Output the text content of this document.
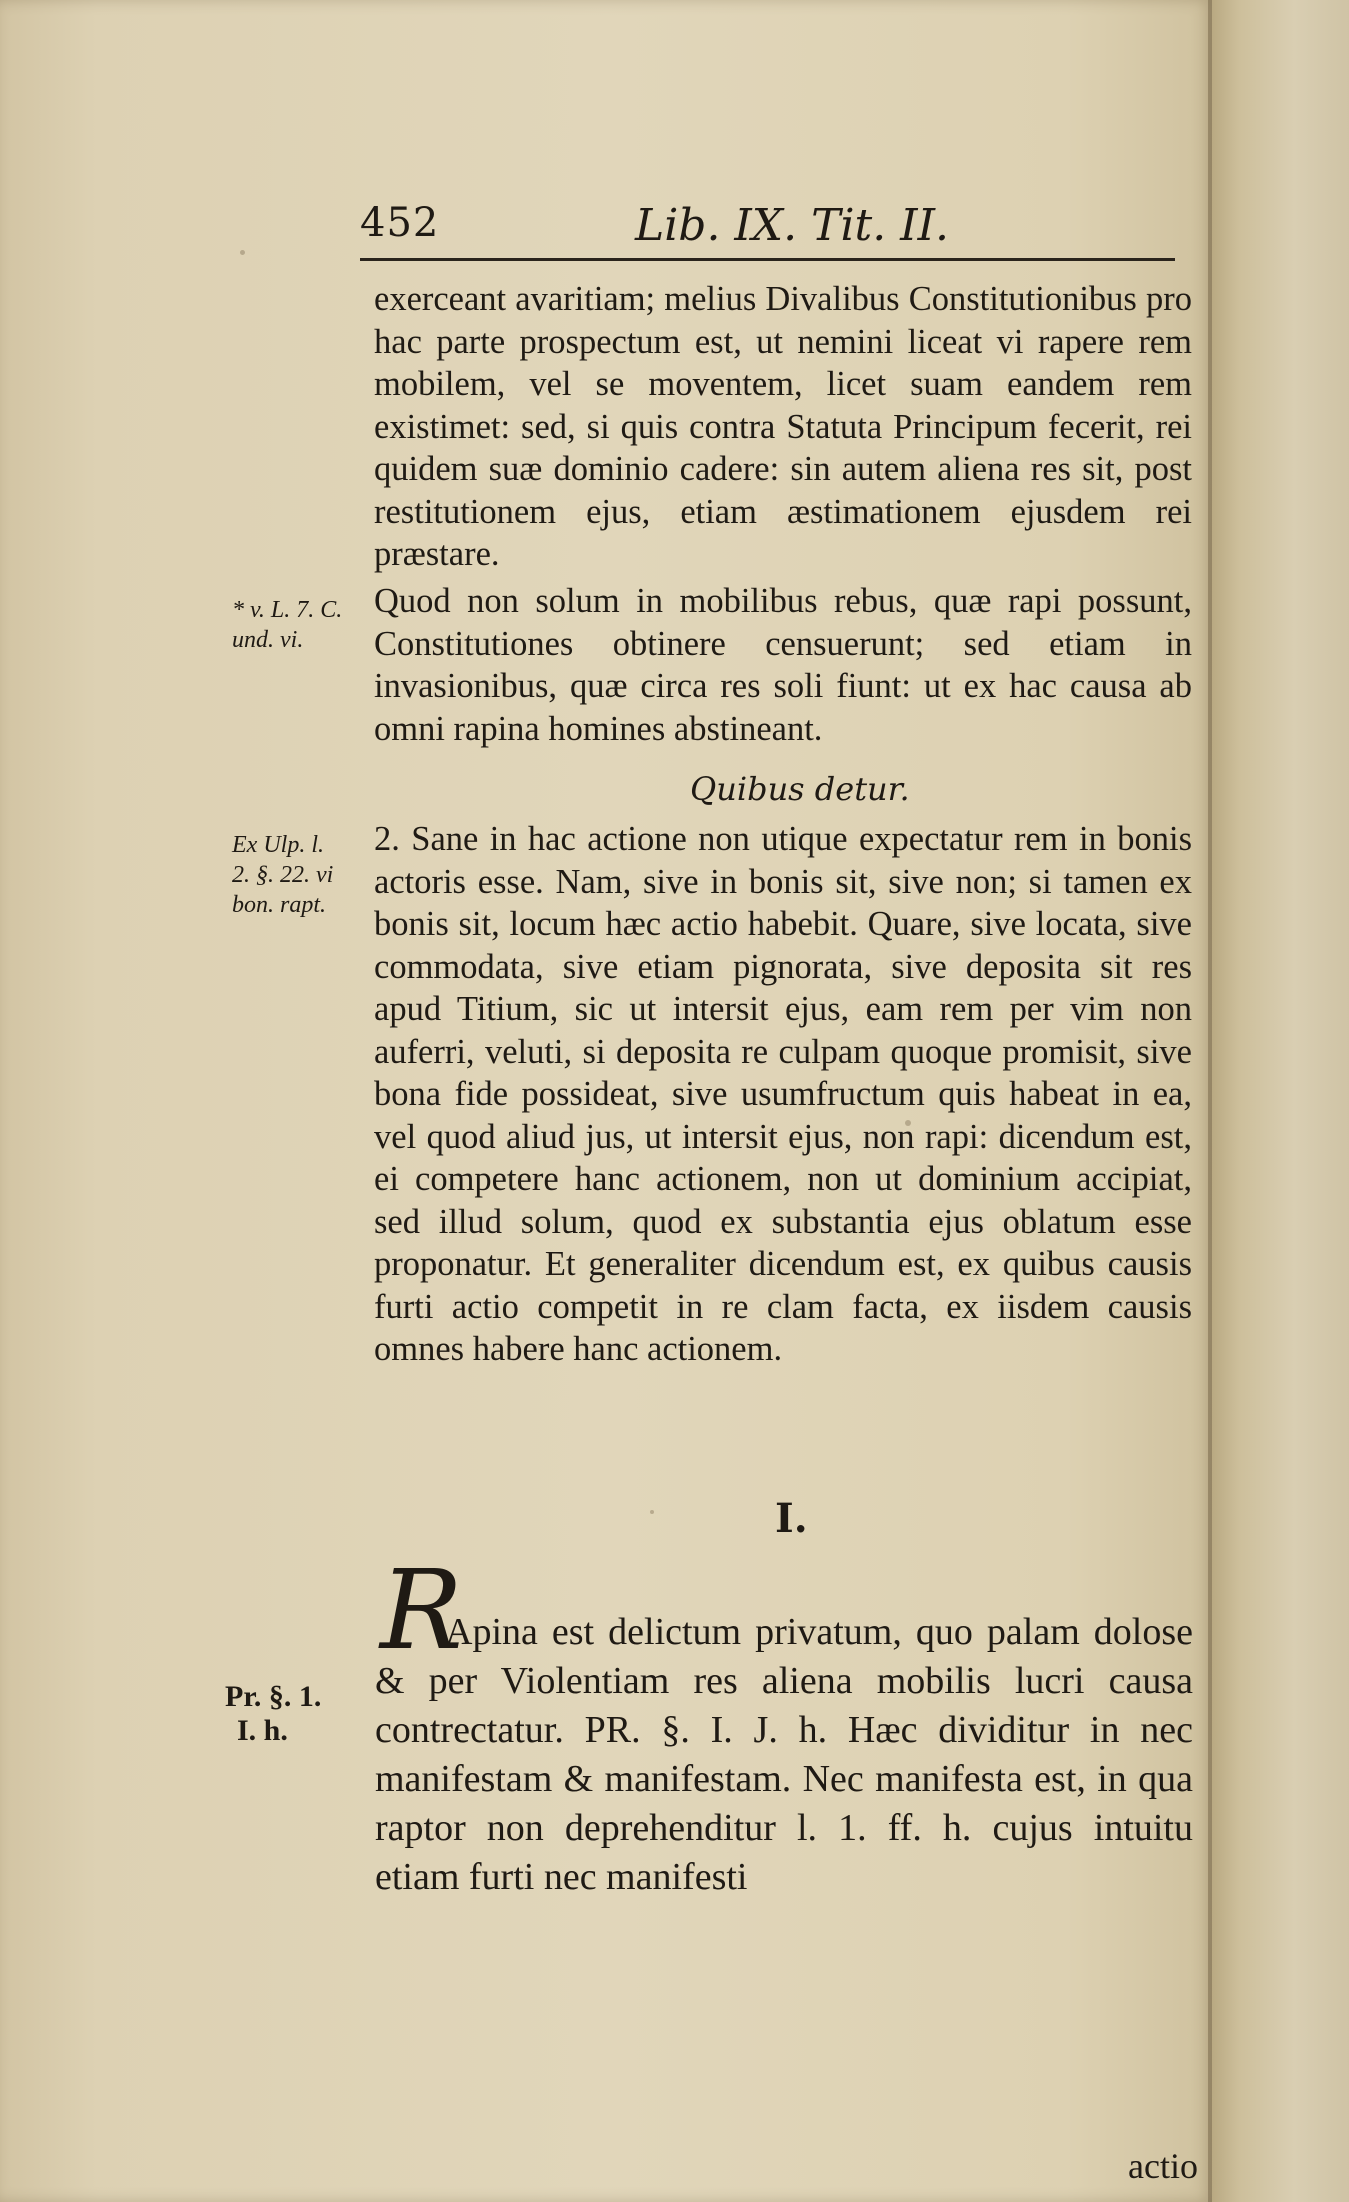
452	Lib. IX. Tit. II.

exerceant avaritiam; melius Divalibus Constitutionibus pro hac parte prospectum est, ut nemini liceat vi rapere rem mobilem, vel se moventem, licet suam eandem rem existimet: sed, si quis contra Statuta Principum fecerit, rei quidem suæ dominio cadere: sin autem aliena res sit, post restitutionem ejus, etiam æstimationem ejusdem rei præstare.

* v. L. 7. C.
und. vi.

Quod non solum in mobilibus rebus, quæ rapi possunt, Constitutiones obtinere censuerunt; sed etiam in invasionibus, quæ circa res soli fiunt: ut ex hac causa ab omni rapina homines abstineant.

Quibus detur.
Ex Ulp. l.
2. §. 22. vi
bon. rapt.

2. Sane in hac actione non utique expectatur rem in bonis actoris esse. Nam, sive in bonis sit, sive non; si tamen ex bonis sit, locum hæc actio habebit. Quare, sive locata, sive commodata, sive etiam pignorata, sive deposita sit res apud Titium, sic ut intersit ejus, eam rem per vim non auferri, veluti, si deposita re culpam quoque promisit, sive bona fide possideat, sive usumfructum quis habeat in ea, vel quod aliud jus, ut intersit ejus, non rapi: dicendum est, ei competere hanc actionem, non ut dominium accipiat, sed illud solum, quod ex substantia ejus oblatum esse proponatur. Et generaliter dicendum est, ex quibus causis furti actio competit in re clam facta, ex iisdem causis omnes habere hanc actionem.

I.
R

Apina est delictum privatum, quo palam dolose & per Violentiam res aliena mobilis lucri causa contrectatur. PR. §. I. J. h. Hæc dividitur in nec manifestam & manifestam. Nec manifesta est, in qua raptor non deprehenditur l. 1. ff. h. cujus intuitu etiam furti nec manifesti

Pr. §. 1.
I. h.
actio
